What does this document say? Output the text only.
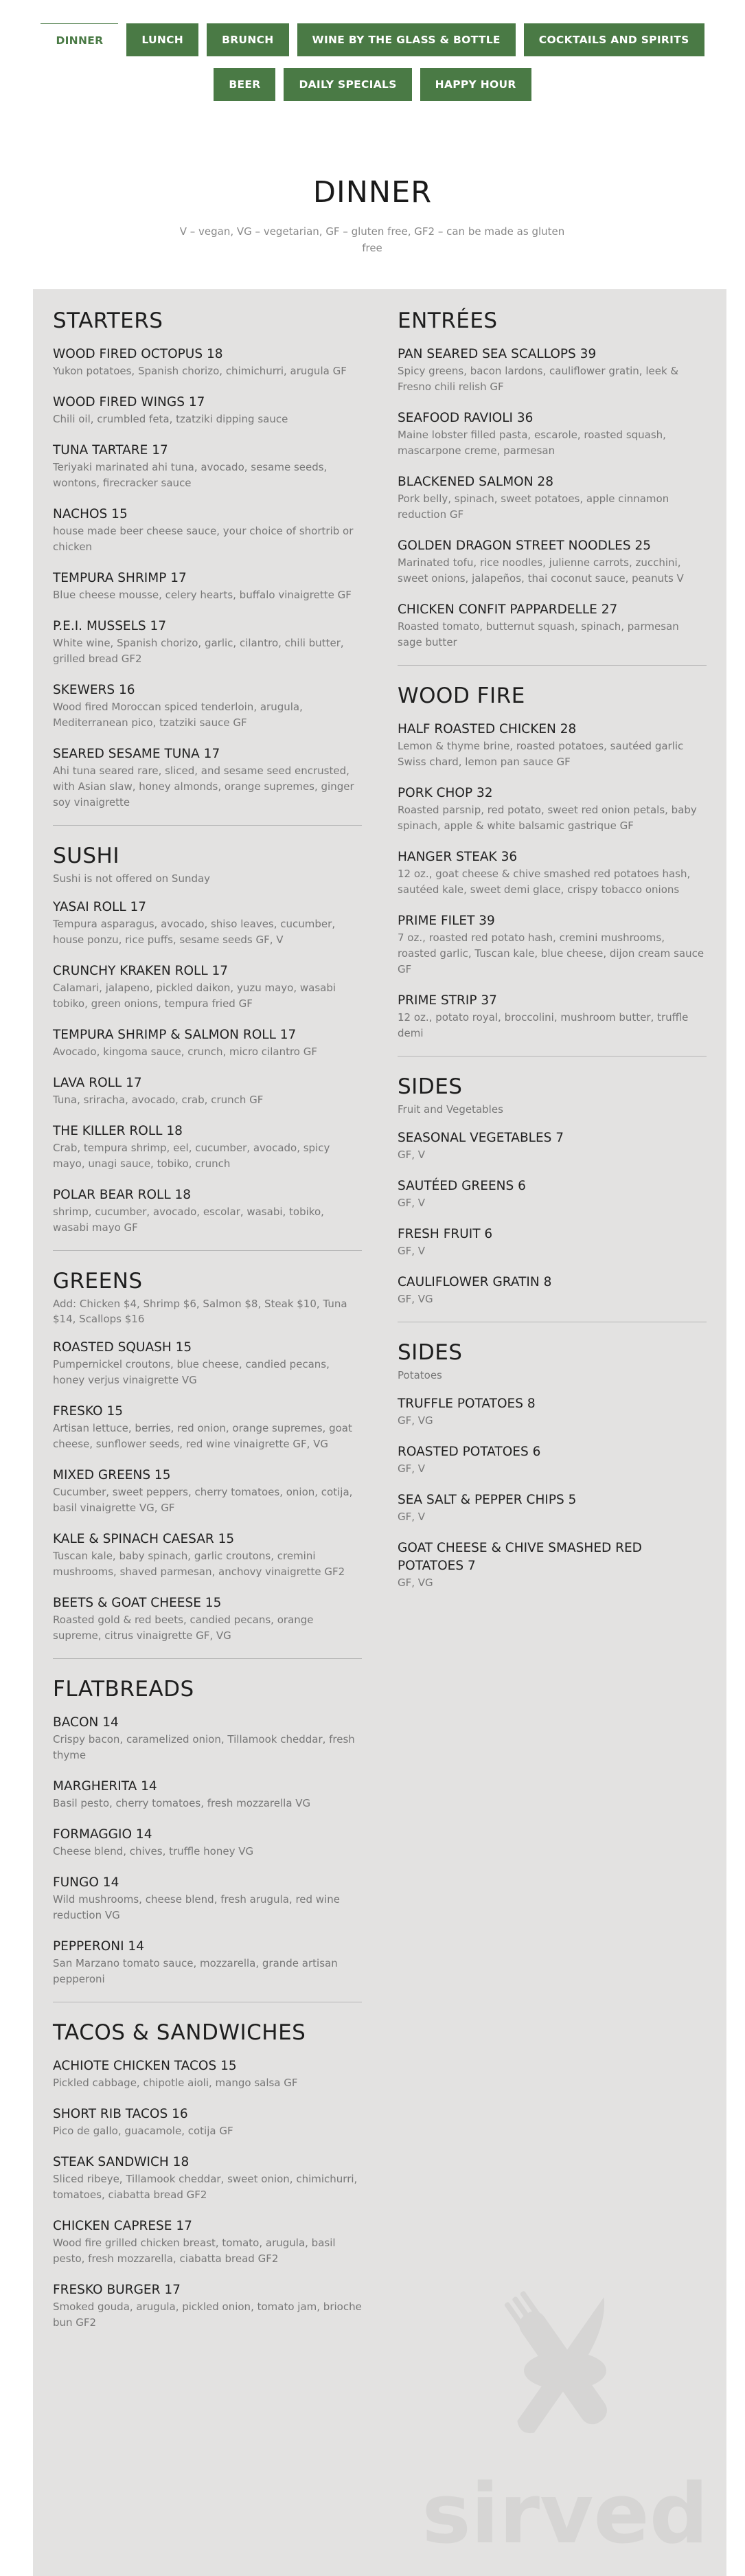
DINNER	LUNCH	BRUNCH	WINE BY THE GLASS & BOTTLE	COCKTAILS AND SPIRITS
BEER	DAILY SPECIALS	HAPPY HOUR
DINNER
V – vegan, VG – vegetarian, GF – gluten free, GF2 – can be made as gluten free
STARTERS
WOOD FIRED OCTOPUS 18
Yukon potatoes, Spanish chorizo, chimichurri, arugula GF
WOOD FIRED WINGS 17
Chili oil, crumbled feta, tzatziki dipping sauce
TUNA TARTARE 17
Teriyaki marinated ahi tuna, avocado, sesame seeds, wontons, firecracker sauce
NACHOS 15
house made beer cheese sauce, your choice of shortrib or chicken
TEMPURA SHRIMP 17
Blue cheese mousse, celery hearts, buffalo vinaigrette GF
P.E.I. MUSSELS 17
White wine, Spanish chorizo, garlic, cilantro, chili butter, grilled bread GF2
SKEWERS 16
Wood fired Moroccan spiced tenderloin, arugula, Mediterranean pico, tzatziki sauce GF
SEARED SESAME TUNA 17
Ahi tuna seared rare, sliced, and sesame seed encrusted, with Asian slaw, honey almonds, orange supremes, ginger soy vinaigrette
SUSHI
Sushi is not offered on Sunday
YASAI ROLL 17
Tempura asparagus, avocado, shiso leaves, cucumber, house ponzu, rice puffs, sesame seeds GF, V
CRUNCHY KRAKEN ROLL 17
Calamari, jalapeno, pickled daikon, yuzu mayo, wasabi tobiko, green onions, tempura fried GF
TEMPURA SHRIMP & SALMON ROLL 17
Avocado, kingoma sauce, crunch, micro cilantro GF
LAVA ROLL 17
Tuna, sriracha, avocado, crab, crunch GF
THE KILLER ROLL 18
Crab, tempura shrimp, eel, cucumber, avocado, spicy mayo, unagi sauce, tobiko, crunch
POLAR BEAR ROLL 18
shrimp, cucumber, avocado, escolar, wasabi, tobiko, wasabi mayo GF
GREENS
Add: Chicken $4, Shrimp $6, Salmon $8, Steak $10, Tuna $14, Scallops $16
ROASTED SQUASH 15
Pumpernickel croutons, blue cheese, candied pecans, honey verjus vinaigrette VG
FRESKO 15
Artisan lettuce, berries, red onion, orange supremes, goat cheese, sunflower seeds, red wine vinaigrette GF, VG
MIXED GREENS 15
Cucumber, sweet peppers, cherry tomatoes, onion, cotija, basil vinaigrette VG, GF
KALE & SPINACH CAESAR 15
Tuscan kale, baby spinach, garlic croutons, cremini mushrooms, shaved parmesan, anchovy vinaigrette GF2
BEETS & GOAT CHEESE 15
Roasted gold & red beets, candied pecans, orange supreme, citrus vinaigrette GF, VG
FLATBREADS
BACON 14
Crispy bacon, caramelized onion, Tillamook cheddar, fresh thyme
MARGHERITA 14
Basil pesto, cherry tomatoes, fresh mozzarella VG
FORMAGGIO 14
Cheese blend, chives, truffle honey VG
FUNGO 14
Wild mushrooms, cheese blend, fresh arugula, red wine reduction VG
PEPPERONI 14
San Marzano tomato sauce, mozzarella, grande artisan pepperoni
TACOS & SANDWICHES
ACHIOTE CHICKEN TACOS 15
Pickled cabbage, chipotle aioli, mango salsa GF
SHORT RIB TACOS 16
Pico de gallo, guacamole, cotija GF
STEAK SANDWICH 18
Sliced ribeye, Tillamook cheddar, sweet onion, chimichurri, tomatoes, ciabatta bread GF2
CHICKEN CAPRESE 17
Wood fire grilled chicken breast, tomato, arugula, basil pesto, fresh mozzarella, ciabatta bread GF2
FRESKO BURGER 17
Smoked gouda, arugula, pickled onion, tomato jam, brioche bun GF2
ENTRÉES
PAN SEARED SEA SCALLOPS 39
Spicy greens, bacon lardons, cauliflower gratin, leek & Fresno chili relish GF
SEAFOOD RAVIOLI 36
Maine lobster filled pasta, escarole, roasted squash, mascarpone creme, parmesan
BLACKENED SALMON 28
Pork belly, spinach, sweet potatoes, apple cinnamon reduction GF
GOLDEN DRAGON STREET NOODLES 25
Marinated tofu, rice noodles, julienne carrots, zucchini, sweet onions, jalapeños, thai coconut sauce, peanuts V
CHICKEN CONFIT PAPPARDELLE 27
Roasted tomato, butternut squash, spinach, parmesan sage butter
WOOD FIRE
HALF ROASTED CHICKEN 28
Lemon & thyme brine, roasted potatoes, sautéed garlic Swiss chard, lemon pan sauce GF
PORK CHOP 32
Roasted parsnip, red potato, sweet red onion petals, baby spinach, apple & white balsamic gastrique GF
HANGER STEAK 36
12 oz., goat cheese & chive smashed red potatoes hash, sautéed kale, sweet demi glace, crispy tobacco onions
PRIME FILET 39
7 oz., roasted red potato hash, cremini mushrooms, roasted garlic, Tuscan kale, blue cheese, dijon cream sauce GF
PRIME STRIP 37
12 oz., potato royal, broccolini, mushroom butter, truffle demi
SIDES
Fruit and Vegetables
SEASONAL VEGETABLES 7
GF, V
SAUTÉED GREENS 6
GF, V
FRESH FRUIT 6
GF, V
CAULIFLOWER GRATIN 8
GF, VG
SIDES
Potatoes
TRUFFLE POTATOES 8
GF, VG
ROASTED POTATOES 6
GF, V
SEA SALT & PEPPER CHIPS 5
GF, V
GOAT CHEESE & CHIVE SMASHED RED POTATOES 7
GF, VG
sirved
